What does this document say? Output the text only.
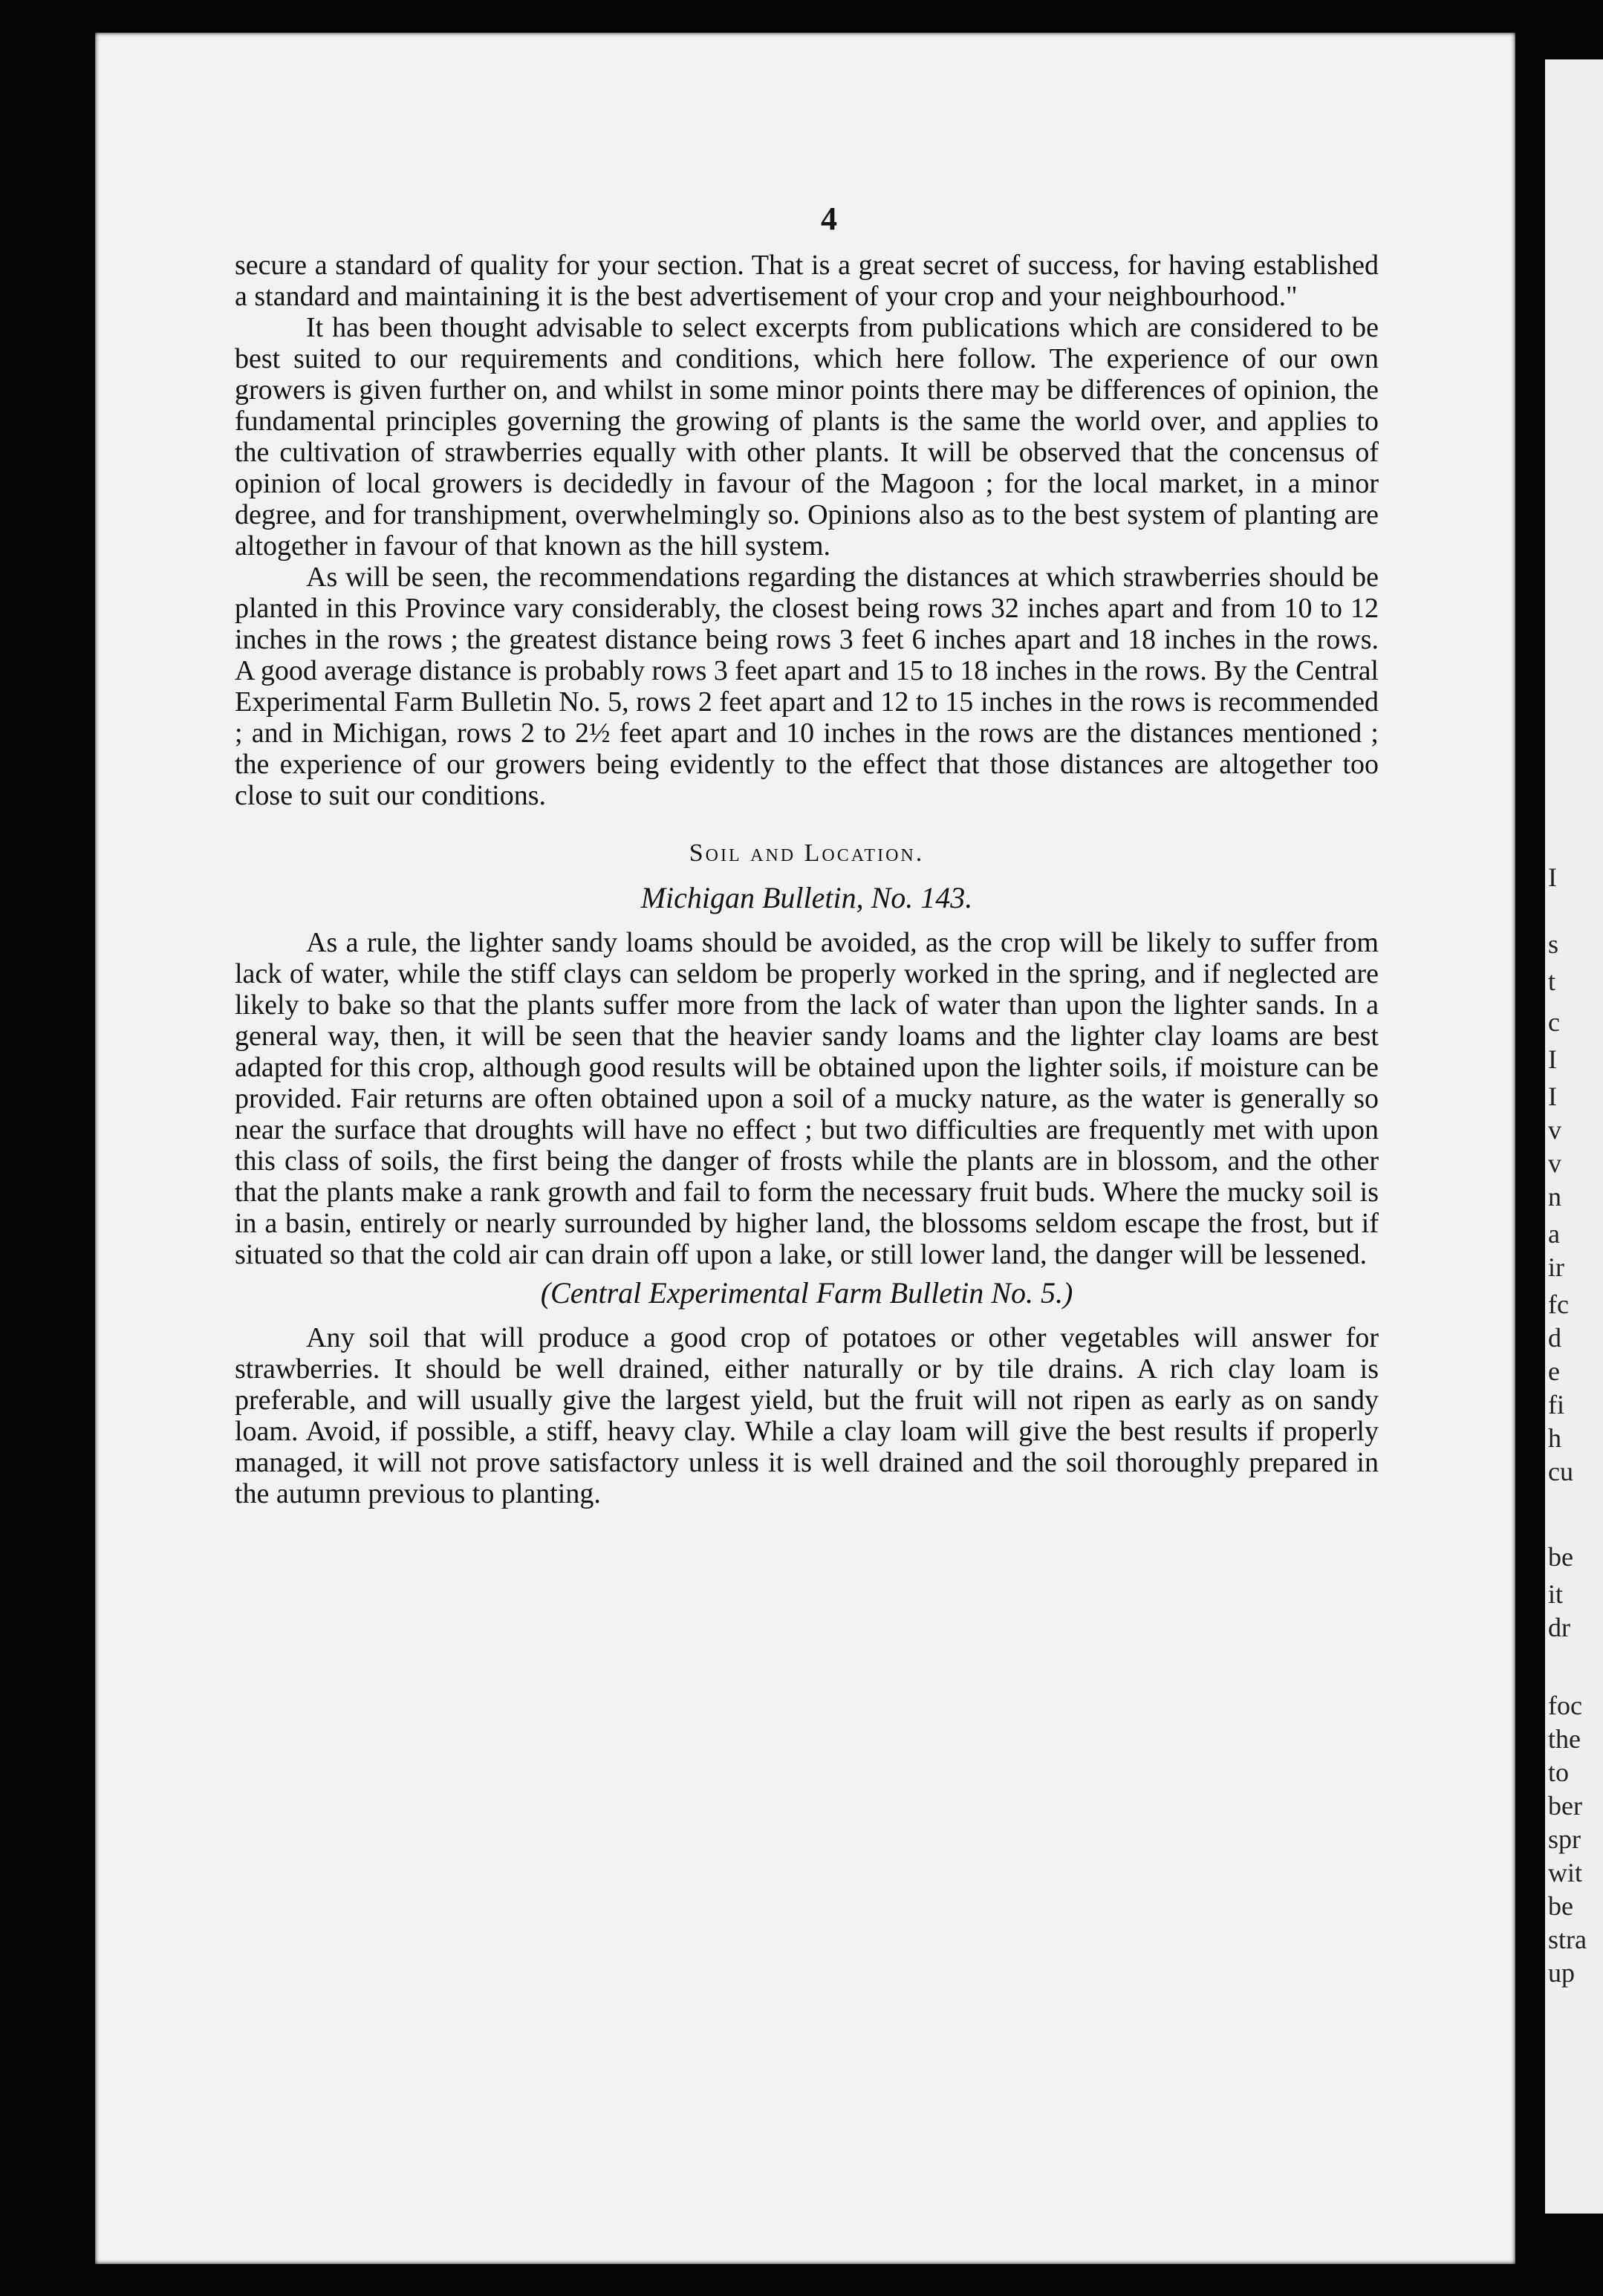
4

secure a standard of quality for your section. That is a great secret of success, for having established a standard and maintaining it is the best advertisement of your crop and your neighbourhood."

It has been thought advisable to select excerpts from publications which are considered to be best suited to our requirements and conditions, which here follow. The experience of our own growers is given further on, and whilst in some minor points there may be differences of opinion, the fundamental principles governing the growing of plants is the same the world over, and applies to the cultivation of strawberries equally with other plants. It will be observed that the concensus of opinion of local growers is decidedly in favour of the Magoon ; for the local market, in a minor degree, and for transhipment, overwhelmingly so. Opinions also as to the best system of planting are altogether in favour of that known as the hill system.

As will be seen, the recommendations regarding the distances at which strawberries should be planted in this Province vary considerably, the closest being rows 32 inches apart and from 10 to 12 inches in the rows ; the greatest distance being rows 3 feet 6 inches apart and 18 inches in the rows. A good average distance is probably rows 3 feet apart and 15 to 18 inches in the rows. By the Central Experimental Farm Bulletin No. 5, rows 2 feet apart and 12 to 15 inches in the rows is recommended ; and in Michigan, rows 2 to 2½ feet apart and 10 inches in the rows are the distances mentioned ; the experience of our growers being evidently to the effect that those distances are altogether too close to suit our conditions.

Soil and Location.
Michigan Bulletin, No. 143.

As a rule, the lighter sandy loams should be avoided, as the crop will be likely to suffer from lack of water, while the stiff clays can seldom be properly worked in the spring, and if neglected are likely to bake so that the plants suffer more from the lack of water than upon the lighter sands. In a general way, then, it will be seen that the heavier sandy loams and the lighter clay loams are best adapted for this crop, although good results will be obtained upon the lighter soils, if moisture can be provided. Fair returns are often obtained upon a soil of a mucky nature, as the water is generally so near the surface that droughts will have no effect ; but two difficulties are frequently met with upon this class of soils, the first being the danger of frosts while the plants are in blossom, and the other that the plants make a rank growth and fail to form the necessary fruit buds. Where the mucky soil is in a basin, entirely or nearly surrounded by higher land, the blossoms seldom escape the frost, but if situated so that the cold air can drain off upon a lake, or still lower land, the danger will be lessened.

(Central Experimental Farm Bulletin No. 5.)

Any soil that will produce a good crop of potatoes or other vegetables will answer for strawberries. It should be well drained, either naturally or by tile drains. A rich clay loam is preferable, and will usually give the largest yield, but the fruit will not ripen as early as on sandy loam. Avoid, if possible, a stiff, heavy clay. While a clay loam will give the best results if properly managed, it will not prove satisfactory unless it is well drained and the soil thoroughly prepared in the autumn previous to planting.

I
s
t
c
I
I
v
v
n
a
ir
fc
d
e
fi
h
cu
be
it
dr
foc
the
to
ber
spr
wit
be
stra
up
